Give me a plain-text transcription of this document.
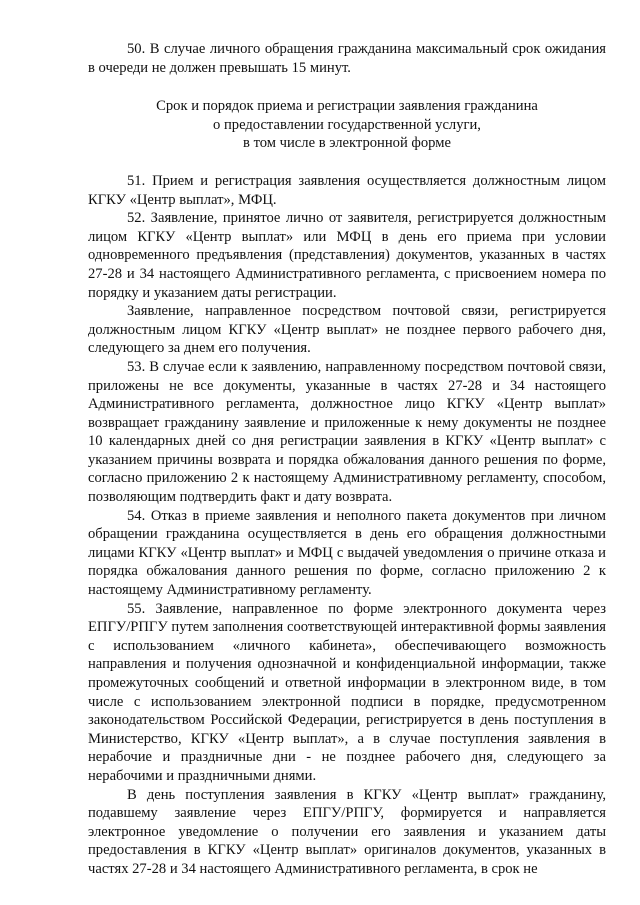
50. В случае личного обращения гражданина максимальный срок ожидания в очереди не должен превышать 15 минут.

Срок и порядок приема и регистрации заявления гражданина
о предоставлении государственной услуги,
в том числе в электронной форме

51. Прием и регистрация заявления осуществляется должностным лицом КГКУ «Центр выплат», МФЦ.

52. Заявление, принятое лично от заявителя, регистрируется должностным лицом КГКУ «Центр выплат» или МФЦ в день его приема при условии одновременного предъявления (представления) документов, указанных в частях 27-28 и 34 настоящего Административного регламента, с присвоением номера по порядку и указанием даты регистрации.

Заявление, направленное посредством почтовой связи, регистрируется должностным лицом КГКУ «Центр выплат» не позднее первого рабочего дня, следующего за днем его получения.

53. В случае если к заявлению, направленному посредством почтовой связи, приложены не все документы, указанные в частях 27-28 и 34 настоящего Административного регламента, должностное лицо КГКУ «Центр выплат» возвращает гражданину заявление и приложенные к нему документы не позднее 10 календарных дней со дня регистрации заявления в КГКУ «Центр выплат» с указанием причины возврата и порядка обжалования данного решения по форме, согласно приложению 2 к настоящему Административному регламенту, способом, позволяющим подтвердить факт и дату возврата.

54. Отказ в приеме заявления и неполного пакета документов при личном обращении гражданина осуществляется в день его обращения должностными лицами КГКУ «Центр выплат» и МФЦ с выдачей уведомления о причине отказа и порядка обжалования данного решения по форме, согласно приложению 2 к настоящему Административному регламенту.

55. Заявление, направленное по форме электронного документа через ЕПГУ/РПГУ путем заполнения соответствующей интерактивной формы заявления с использованием «личного кабинета», обеспечивающего возможность направления и получения однозначной и конфиденциальной информации, также промежуточных сообщений и ответной информации в электронном виде, в том числе с использованием электронной подписи в порядке, предусмотренном законодательством Российской Федерации, регистрируется в день поступления в Министерство, КГКУ «Центр выплат», а в случае поступления заявления в нерабочие и праздничные дни - не позднее рабочего дня, следующего за нерабочими и праздничными днями.

В день поступления заявления в КГКУ «Центр выплат» гражданину, подавшему заявление через ЕПГУ/РПГУ, формируется и направляется электронное уведомление о получении его заявления и указанием даты предоставления в КГКУ «Центр выплат» оригиналов документов, указанных в частях 27-28 и 34 настоящего Административного регламента, в срок не
